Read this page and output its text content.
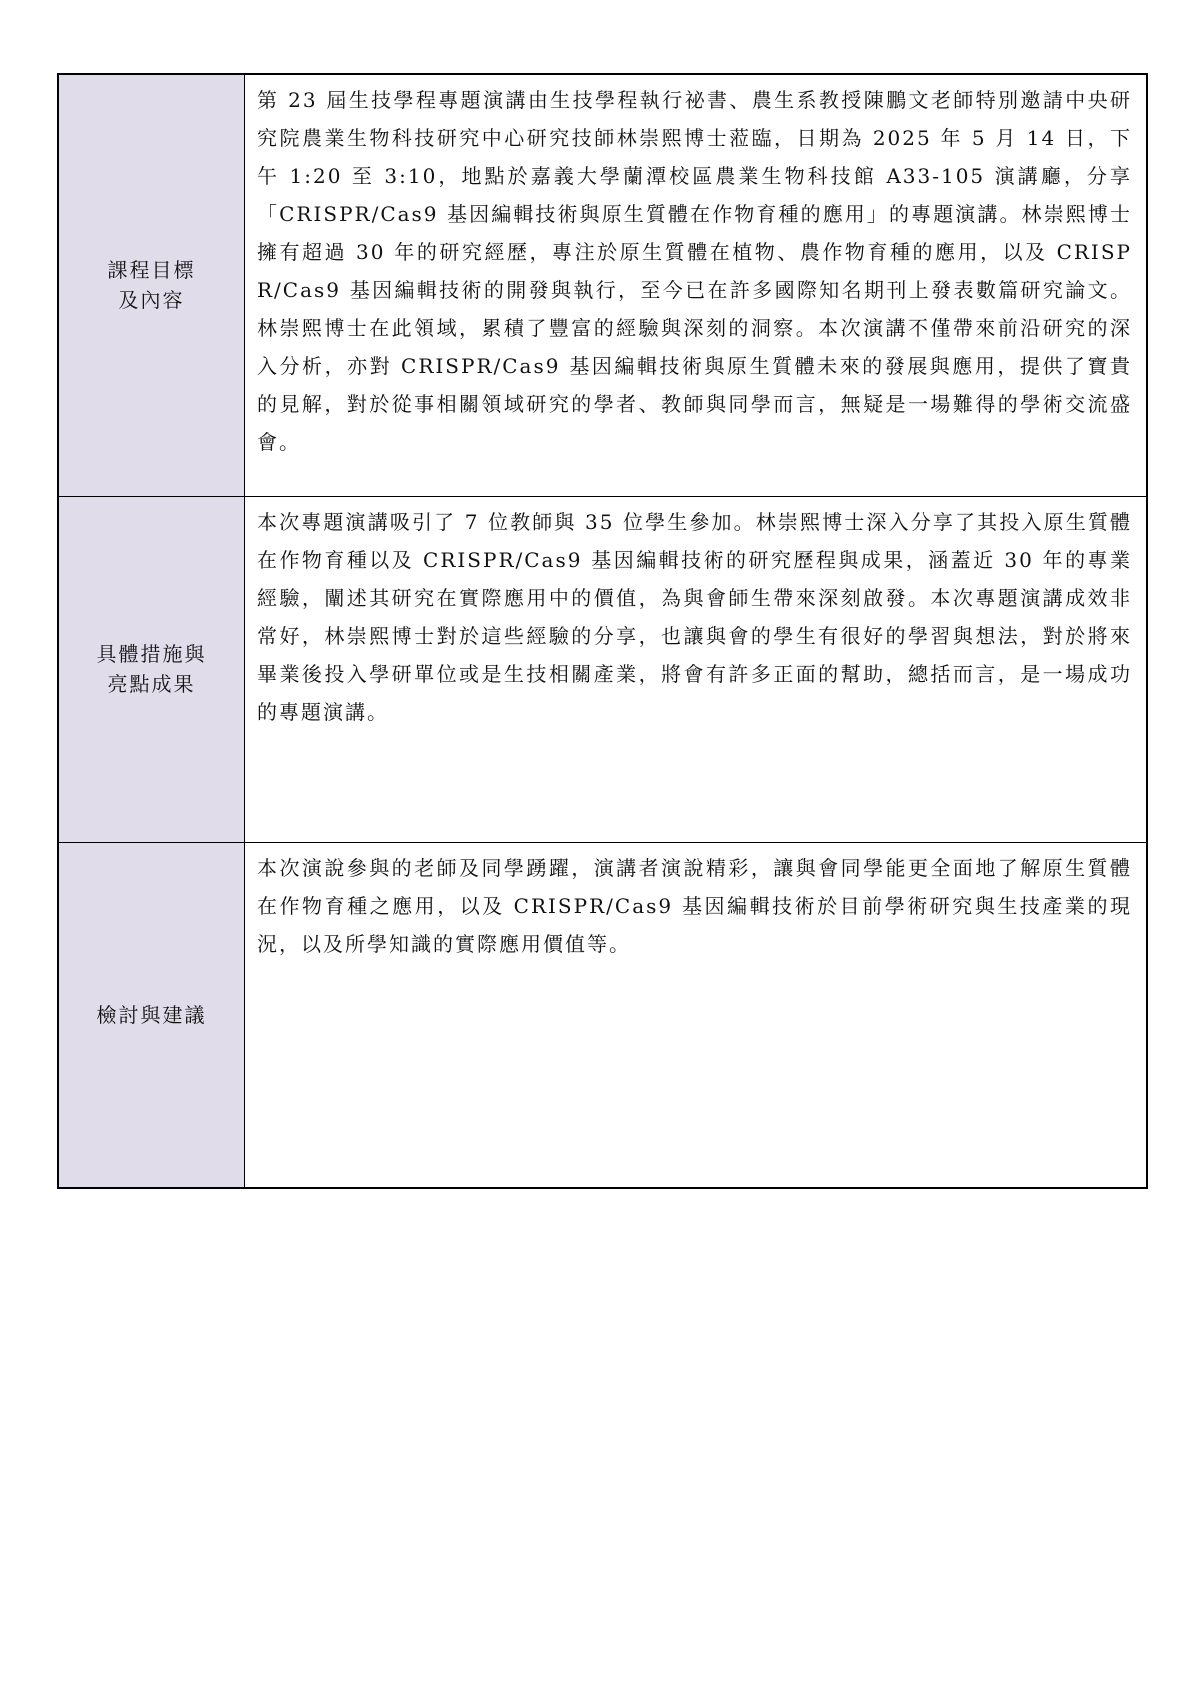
課程目標
及內容	第 23 屆生技學程專題演講由生技學程執行祕書、農生系教授陳鵬文老師特別邀請中央研究院農業生物科技研究中心研究技師林崇熙博士蒞臨，日期為 2025 年 5 月 14 日，下午 1:20 至 3:10，地點於嘉義大學蘭潭校區農業生物科技館 A33-105 演講廳，分享「CRISPR/Cas9 基因編輯技術與原生質體在作物育種的應用」的專題演講。林崇熙博士擁有超過 30 年的研究經歷，專注於原生質體在植物、農作物育種的應用，以及 CRISPR/Cas9 基因編輯技術的開發與執行，至今已在許多國際知名期刊上發表數篇研究論文。林崇熙博士在此領域，累積了豐富的經驗與深刻的洞察。本次演講不僅帶來前沿研究的深入分析，亦對 CRISPR/Cas9 基因編輯技術與原生質體未來的發展與應用，提供了寶貴的見解，對於從事相關領域研究的學者、教師與同學而言，無疑是一場難得的學術交流盛會。

具體措施與
亮點成果	本次專題演講吸引了 7 位教師與 35 位學生參加。林崇熙博士深入分享了其投入原生質體在作物育種以及 CRISPR/Cas9 基因編輯技術的研究歷程與成果，涵蓋近 30 年的專業經驗，闡述其研究在實際應用中的價值，為與會師生帶來深刻啟發。本次專題演講成效非常好，林崇熙博士對於這些經驗的分享，也讓與會的學生有很好的學習與想法，對於將來畢業後投入學研單位或是生技相關產業，將會有許多正面的幫助，總括而言，是一場成功的專題演講。

檢討與建議	本次演說參與的老師及同學踴躍，演講者演說精彩，讓與會同學能更全面地了解原生質體在作物育種之應用，以及 CRISPR/Cas9 基因編輯技術於目前學術研究與生技產業的現況，以及所學知識的實際應用價值等。
